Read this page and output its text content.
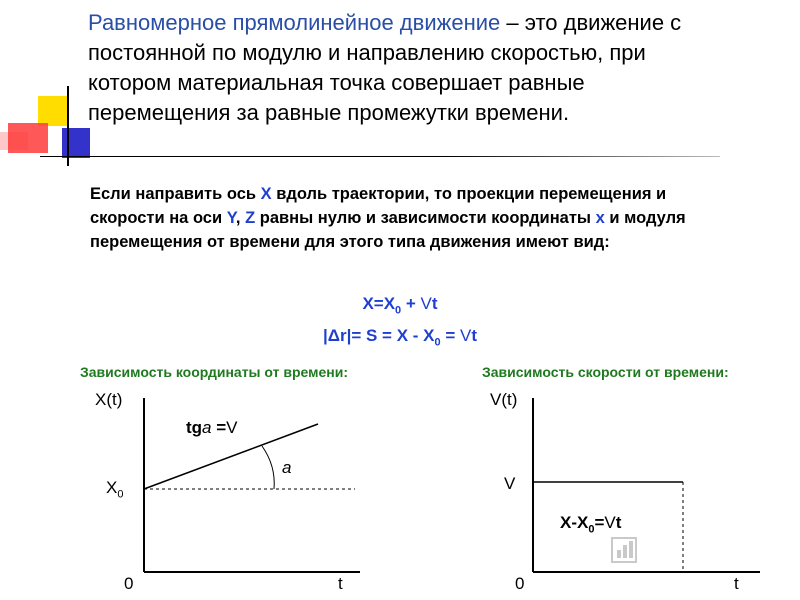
Равномерное прямолинейное движение – это движение с постоянной по модулю и направлению скоростью, при котором материальная точка совершает равные перемещения за равные промежутки времени.
Если направить ось Х вдоль траектории, то проекции перемещения и скорости на оси Y, Z равны нулю и зависимости координаты х и модуля перемещения от времени для этого типа движения имеют вид:
$Х=Х_0 + Vt$
$|\Delta r|= S = X - X_0 = Vt$
Зависимость координаты от времени:	Зависимость скорости от времени:
X(t)
$X_0$
0	t
tga =V
a
V(t)
V
0	t
$X-X_0=Vt$
